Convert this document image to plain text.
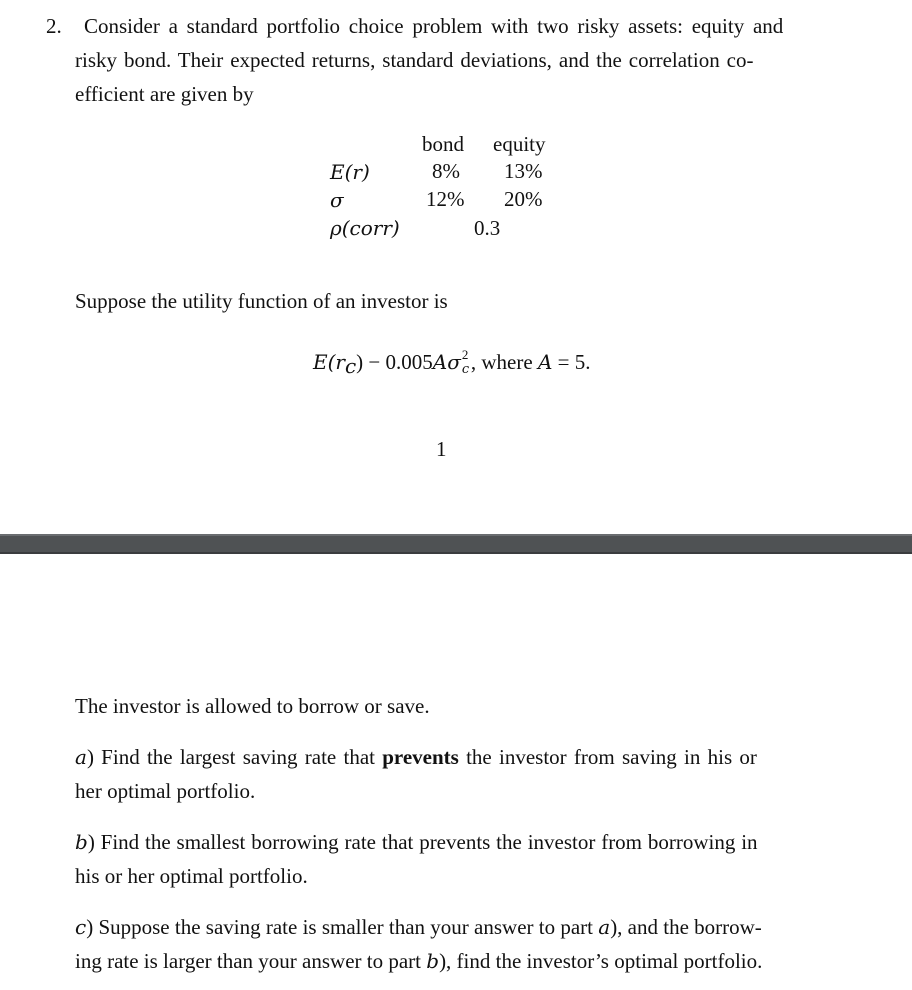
2. Consider a standard portfolio choice problem with two risky assets: equity and
risky bond. Their expected returns, standard deviations, and the correlation co-
efficient are given by
bond equity
E(r)	8% 13%
σ	12% 20%
ρ(corr)	0.3
Suppose the utility function of an investor is
$E(r_c) - 0.005A\sigma$ 2
c , where A = 5.
1
The investor is allowed to borrow or save.
a) Find the largest saving rate that prevents the investor from saving in his or
her optimal portfolio.
b) Find the smallest borrowing rate that prevents the investor from borrowing in
his or her optimal portfolio.
c) Suppose the saving rate is smaller than your answer to part a), and the borrow-
ing rate is larger than your answer to part b), find the investor’s optimal portfolio.
